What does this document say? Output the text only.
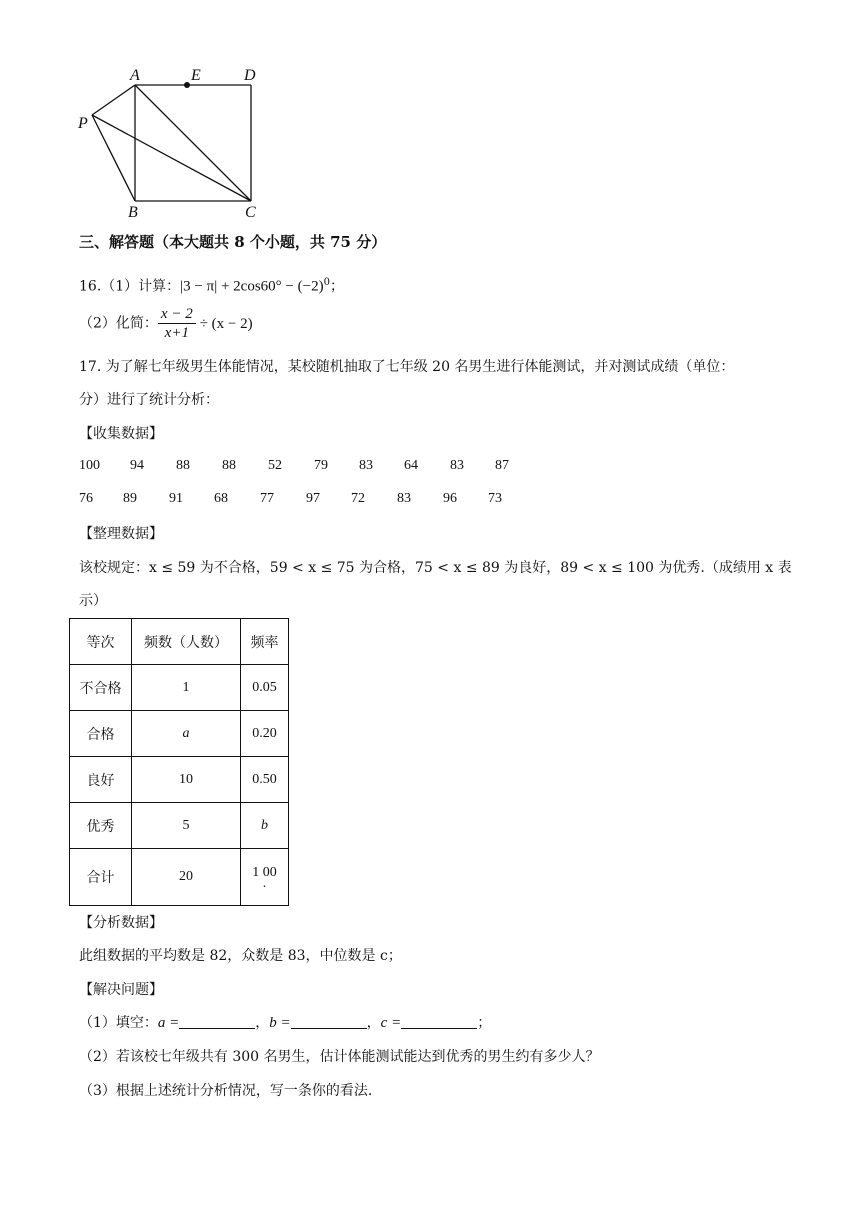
A	E	D
P
B	C
三、解答题（本大题共 8 个小题，共 75 分）
16.（1）计算：$|3 - \pi| + 2\cos 60^\circ - (-2)^0$；
（2）化简： $\frac{x - 2}{x+1} \div (x - 2)$
17. 为了解七年级男生体能情况，某校随机抽取了七年级 20 名男生进行体能测试，并对测试成绩（单位：
分）进行了统计分析：
【收集数据】
100 94 88 88 52 79 83 64 83 87
76 89 91 68 77 97 72 83 96 73
【整理数据】
该校规定：x ≤ 59 为不合格，59 < x ≤ 75 为合格，75 < x ≤ 89 为良好，89 < x ≤ 100 为优秀.（成绩用 x 表
示）
等次	频数（人数）	频率
不合格	1	0.05
合格	a	0.20
良好	10	0.50
优秀	5	b
合计	20	1 00
.
【分析数据】
此组数据的平均数是 82，众数是 83，中位数是 c；
【解决问题】
（1）填空：a =	，b =	，c =	；
（2）若该校七年级共有 300 名男生，估计体能测试能达到优秀的男生约有多少人？
（3）根据上述统计分析情况，写一条你的看法.
